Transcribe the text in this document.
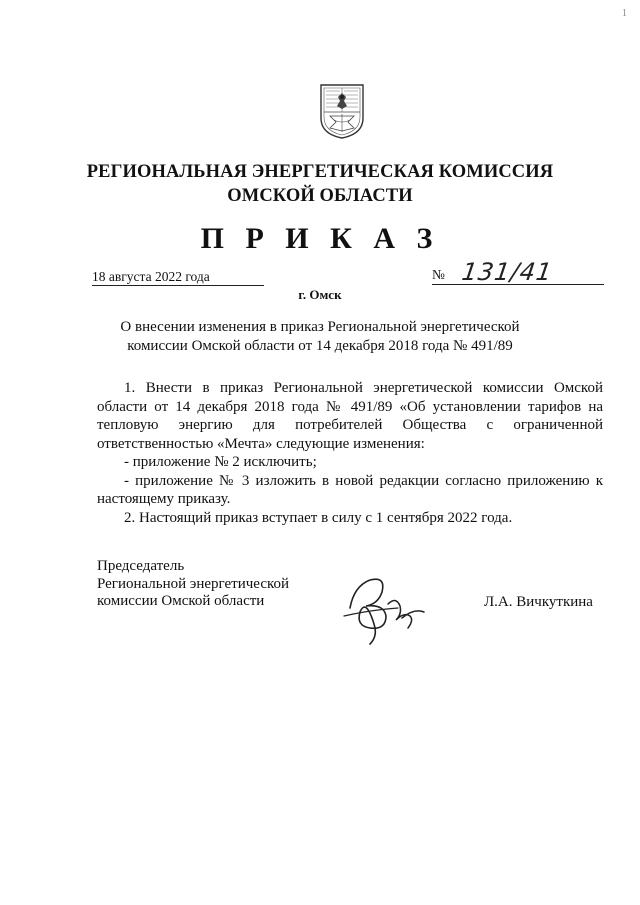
1
РЕГИОНАЛЬНАЯ ЭНЕРГЕТИЧЕСКАЯ КОМИССИЯ
ОМСКОЙ ОБЛАСТИ
П Р И К А З
18 августа 2022 года	№ 131/41
г. Омск
О внесении изменения в приказ Региональной энергетической
комиссии Омской области от 14 декабря 2018 года № 491/89

1. Внести в приказ Региональной энергетической комиссии Омской области от 14 декабря 2018 года № 491/89 «Об установлении тарифов на тепловую энергию для потребителей Общества с ограниченной ответственностью «Мечта» следующие изменения:

- приложение № 2 исключить;

- приложение № 3 изложить в новой редакции согласно приложению к настоящему приказу.

2. Настоящий приказ вступает в силу с 1 сентября 2022 года.

Председатель
Региональной энергетической
комиссии Омской области	Л.А. Вичкуткина
